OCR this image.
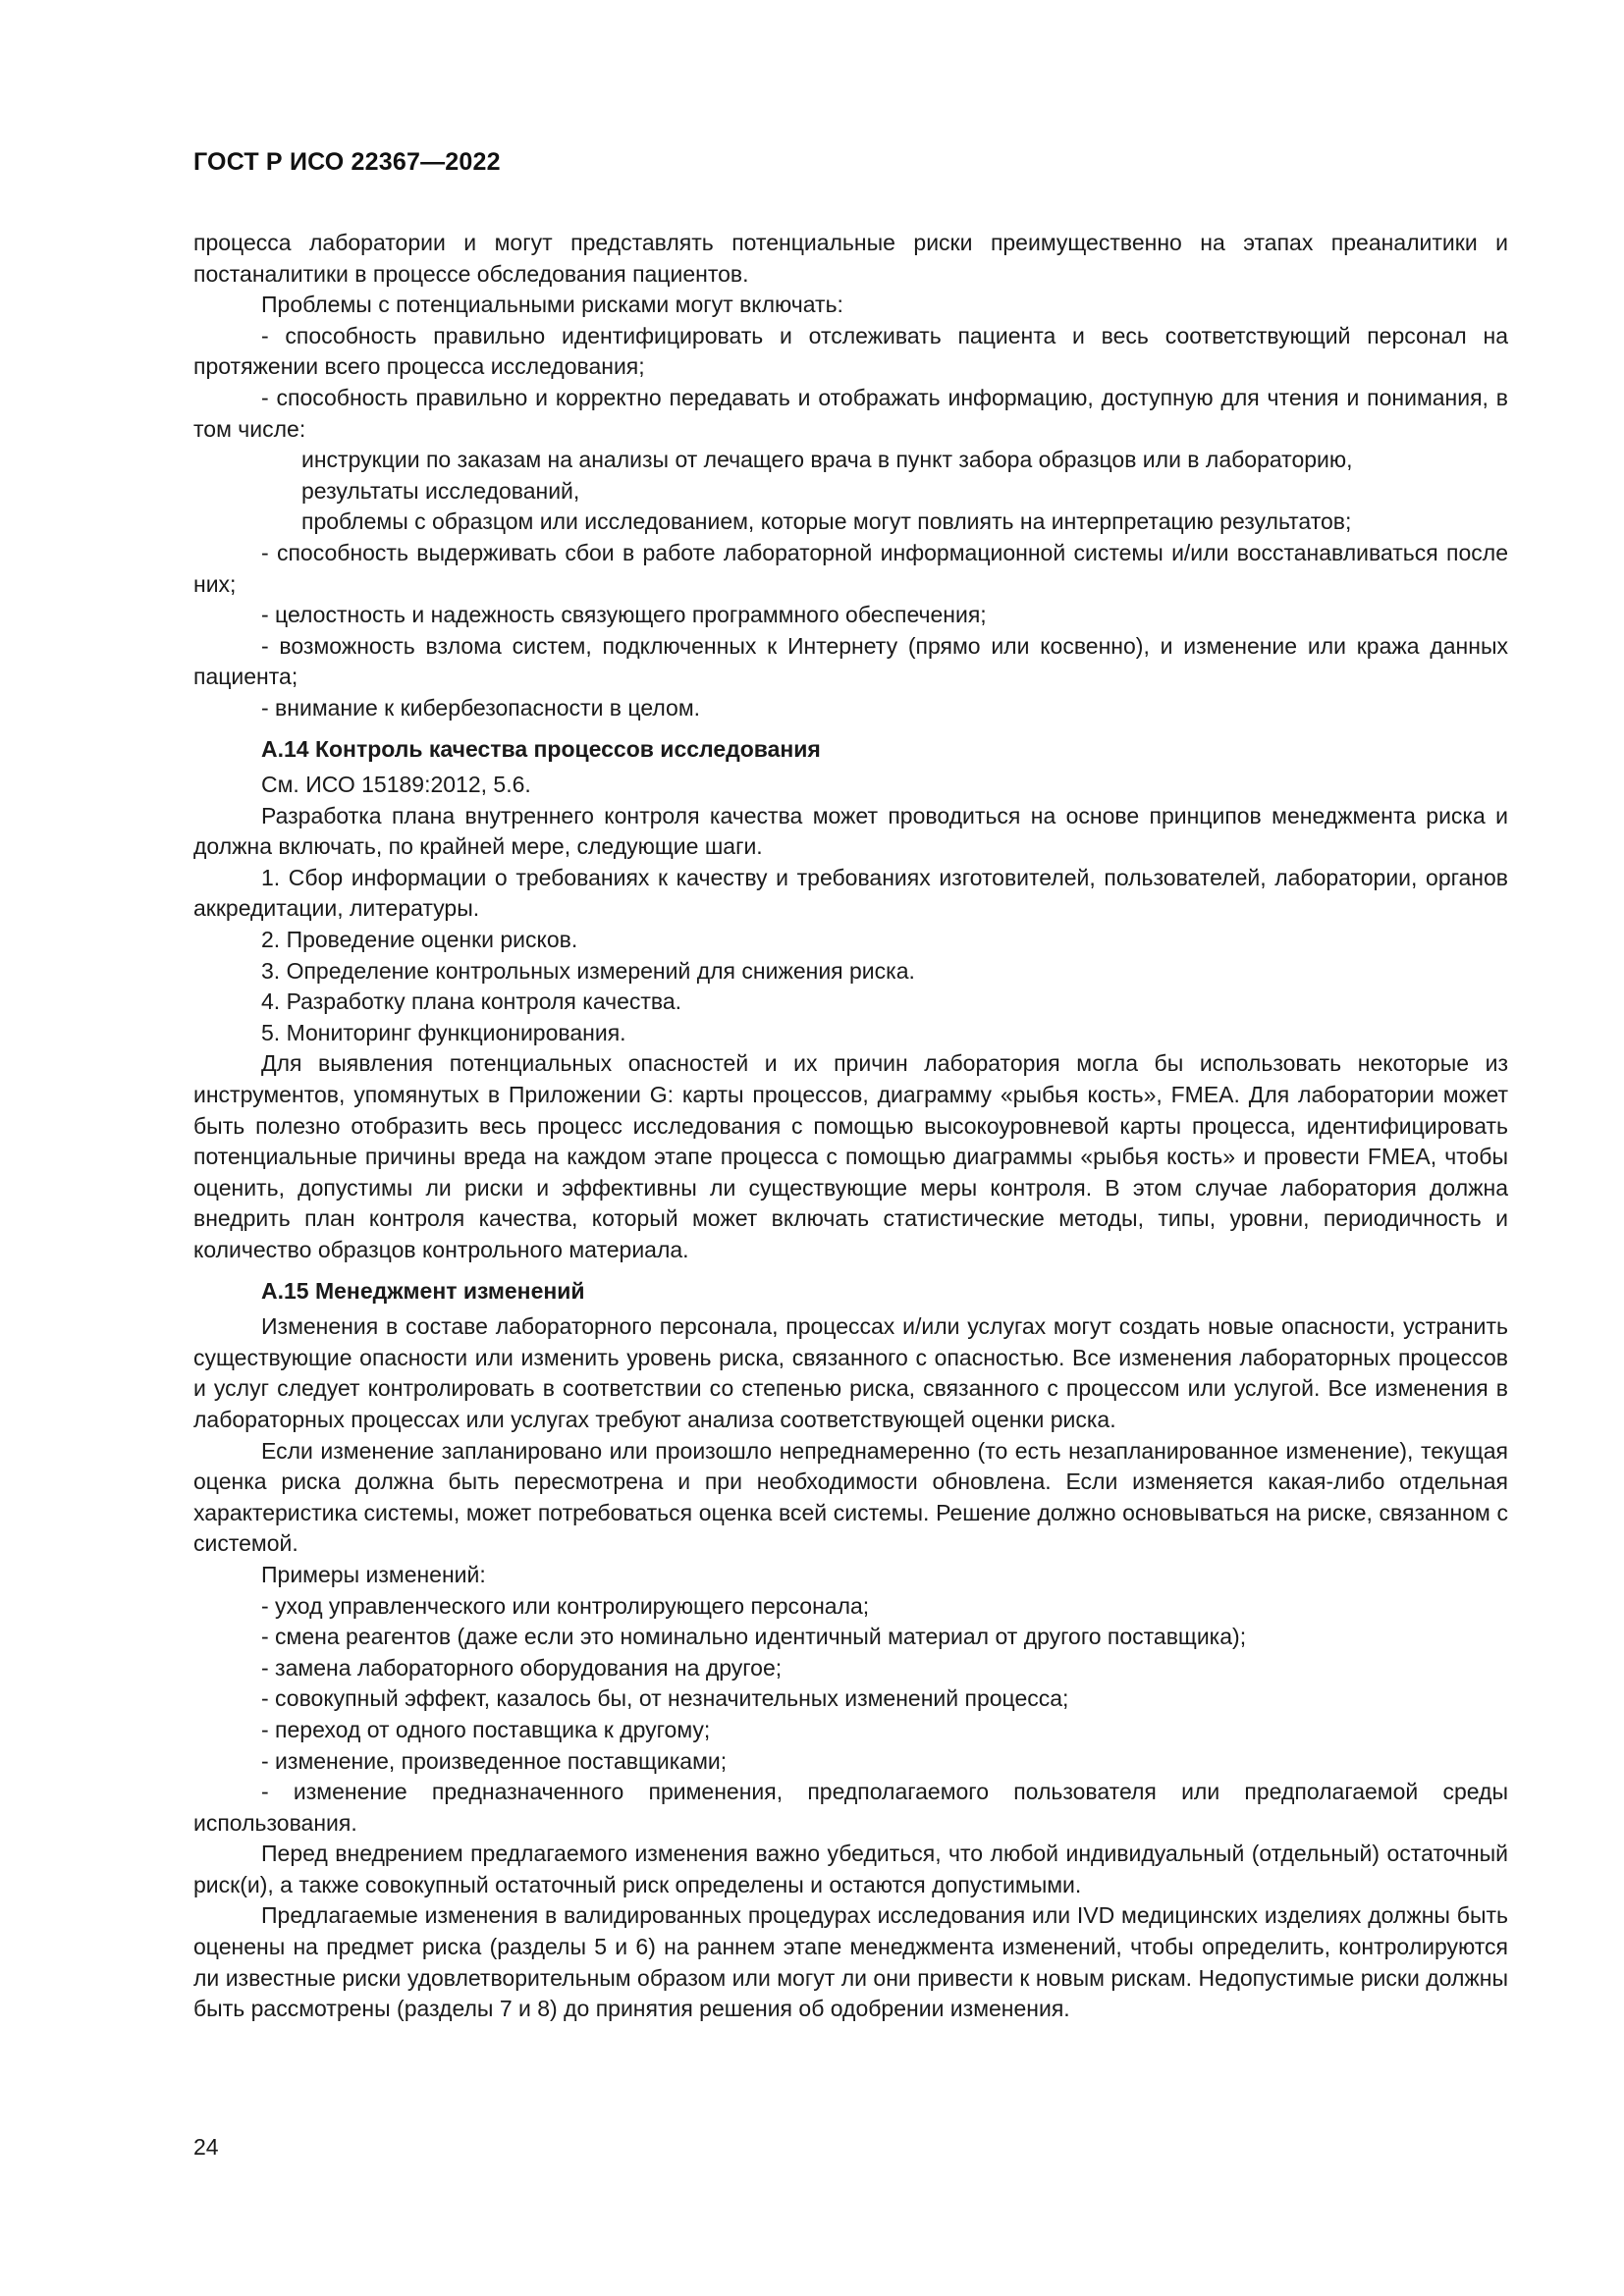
ГОСТ Р ИСО 22367—2022

процесса лаборатории и могут представлять потенциальные риски преимущественно на этапах преаналитики и постаналитики в процессе обследования пациентов.

Проблемы с потенциальными рисками могут включать:

- способность правильно идентифицировать и отслеживать пациента и весь соответствующий персонал на протяжении всего процесса исследования;

- способность правильно и корректно передавать и отображать информацию, доступную для чтения и понимания, в том числе:

инструкции по заказам на анализы от лечащего врача в пункт забора образцов или в лабораторию,

результаты исследований,

проблемы с образцом или исследованием, которые могут повлиять на интерпретацию результатов;

- способность выдерживать сбои в работе лабораторной информационной системы и/или восстанавливаться после них;

- целостность и надежность связующего программного обеспечения;

- возможность взлома систем, подключенных к Интернету (прямо или косвенно), и изменение или кража данных пациента;

- внимание к кибербезопасности в целом.

А.14 Контроль качества процессов исследования

См. ИСО 15189:2012, 5.6.

Разработка плана внутреннего контроля качества может проводиться на основе принципов менеджмента риска и должна включать, по крайней мере, следующие шаги.

1. Сбор информации о требованиях к качеству и требованиях изготовителей, пользователей, лаборатории, органов аккредитации, литературы.

2. Проведение оценки рисков.

3. Определение контрольных измерений для снижения риска.

4. Разработку плана контроля качества.

5. Мониторинг функционирования.

Для выявления потенциальных опасностей и их причин лаборатория могла бы использовать некоторые из инструментов, упомянутых в Приложении G: карты процессов, диаграмму «рыбья кость», FMEA. Для лаборатории может быть полезно отобразить весь процесс исследования с помощью высокоуровневой карты процесса, идентифицировать потенциальные причины вреда на каждом этапе процесса с помощью диаграммы «рыбья кость» и провести FMEA, чтобы оценить, допустимы ли риски и эффективны ли существующие меры контроля. В этом случае лаборатория должна внедрить план контроля качества, который может включать статистические методы, типы, уровни, периодичность и количество образцов контрольного материала.

А.15 Менеджмент изменений

Изменения в составе лабораторного персонала, процессах и/или услугах могут создать новые опасности, устранить существующие опасности или изменить уровень риска, связанного с опасностью. Все изменения лабораторных процессов и услуг следует контролировать в соответствии со степенью риска, связанного с процессом или услугой. Все изменения в лабораторных процессах или услугах требуют анализа соответствующей оценки риска.

Если изменение запланировано или произошло непреднамеренно (то есть незапланированное изменение), текущая оценка риска должна быть пересмотрена и при необходимости обновлена. Если изменяется какая-либо отдельная характеристика системы, может потребоваться оценка всей системы. Решение должно основываться на риске, связанном с системой.

Примеры изменений:

- уход управленческого или контролирующего персонала;

- смена реагентов (даже если это номинально идентичный материал от другого поставщика);

- замена лабораторного оборудования на другое;

- совокупный эффект, казалось бы, от незначительных изменений процесса;

- переход от одного поставщика к другому;

- изменение, произведенное поставщиками;

- изменение предназначенного применения, предполагаемого пользователя или предполагаемой среды использования.

Перед внедрением предлагаемого изменения важно убедиться, что любой индивидуальный (отдельный) остаточный риск(и), а также совокупный остаточный риск определены и остаются допустимыми.

Предлагаемые изменения в валидированных процедурах исследования или IVD медицинских изделиях должны быть оценены на предмет риска (разделы 5 и 6) на раннем этапе менеджмента изменений, чтобы определить, контролируются ли известные риски удовлетворительным образом или могут ли они привести к новым рискам. Недопустимые риски должны быть рассмотрены (разделы 7 и 8) до принятия решения об одобрении изменения.

24
